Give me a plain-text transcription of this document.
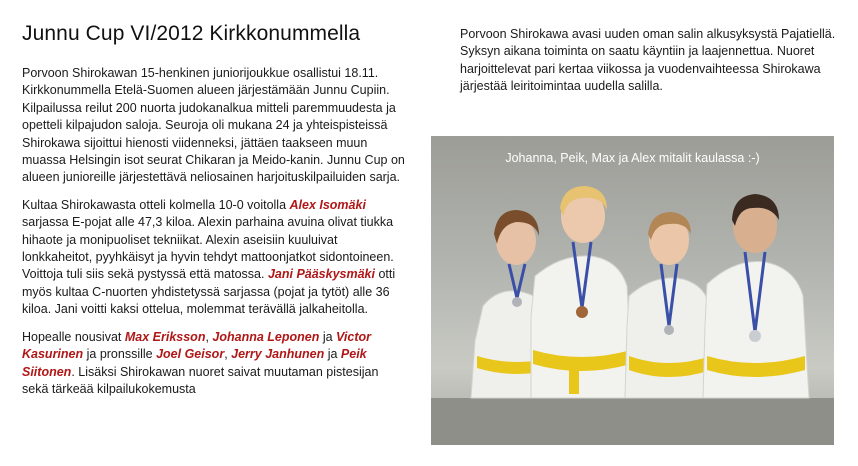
Junnu Cup VI/2012 Kirkkonummella

Porvoon Shirokawan 15-henkinen juniorijoukkue osallistui 18.11. Kirkkonummella Etelä-Suomen alueen järjestämään Junnu Cupiin. Kilpailussa reilut 200 nuorta judokanalkua mitteli paremmuudesta ja opetteli kilpajudon saloja. Seuroja oli mukana 24 ja yhteispisteissä Shirokawa sijoittui hienosti viidenneksi, jättäen taakseen muun muassa Helsingin isot seurat Chikaran ja Meido-kanin. Junnu Cup on alueen junioreille järjestettävä neliosainen harjoituskilpailuiden sarja.

Kultaa Shirokawasta otteli kolmella 10-0 voitolla Alex Isomäki sarjassa E-pojat alle 47,3 kiloa. Alexin parhaina avuina olivat tiukka hihaote ja monipuoliset tekniikat. Alexin aseisiin kuuluivat lonkkaheitot, pyyhkäisyt ja hyvin tehdyt mattoonjatkot sidontoineen. Voittoja tuli siis sekä pystyssä että matossa. Jani Pääskysmäki otti myös kultaa C-nuorten yhdistetyssä sarjassa (pojat ja tytöt) alle 36 kiloa. Jani voitti kaksi ottelua, molemmat terävällä jalkaheitolla.

Hopealle nousivat Max Eriksson, Johanna Leponen ja Victor Kasurinen ja pronssille Joel Geisor, Jerry Janhunen ja Peik Siitonen. Lisäksi Shirokawan nuoret saivat muutaman pistesijan sekä tärkeää kilpailukokemusta

Porvoon Shirokawa avasi uuden oman salin alkusyksystä Pajatiellä. Syksyn aikana toiminta on saatu käyntiin ja laajennettua. Nuoret harjoittelevat pari kertaa viikossa ja vuodenvaihteessa Shirokawa järjestää leiritoimintaa uudella salilla.

Johanna, Peik, Max ja Alex mitalit kaulassa :-)
